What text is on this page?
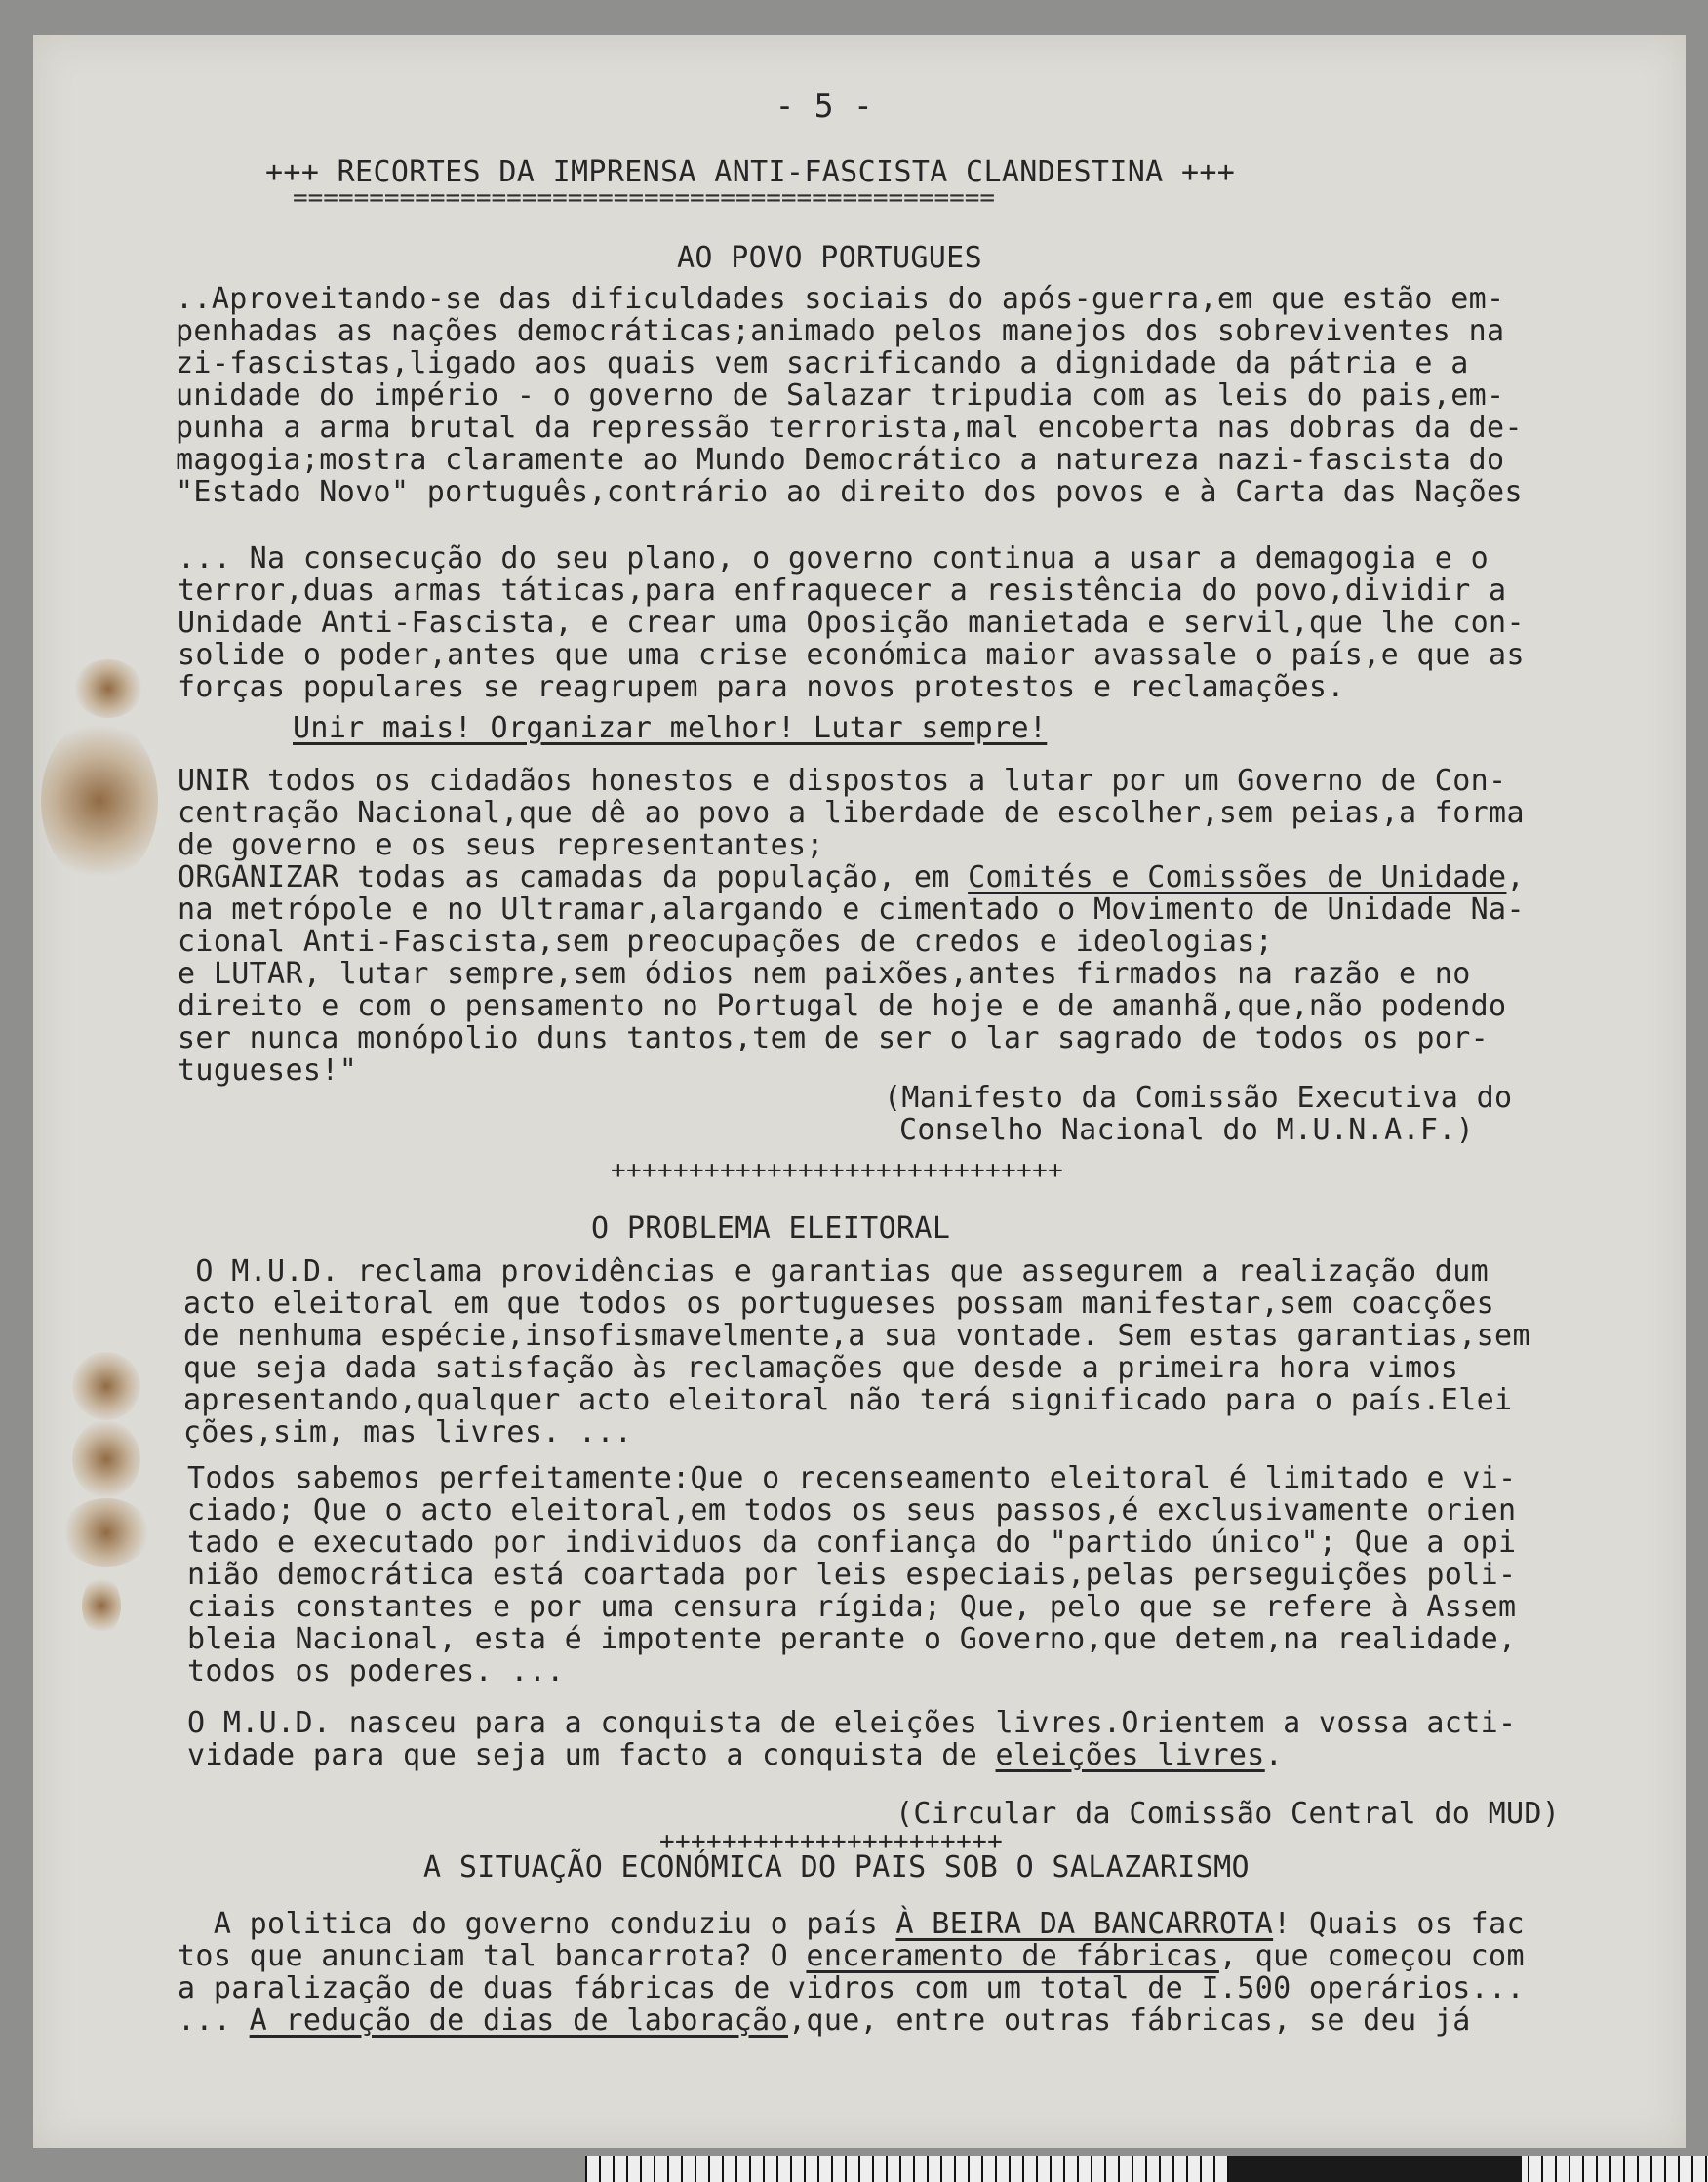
- 5 -
+++ RECORTES DA IMPRENSA ANTI-FASCISTA CLANDESTINA +++
==============================================
AO POVO PORTUGUES
..Aproveitando-se das dificuldades sociais do após-guerra,em que estão em-
penhadas as nações democráticas;animado pelos manejos dos sobreviventes na
zi-fascistas,ligado aos quais vem sacrificando a dignidade da pátria e a
unidade do império - o governo de Salazar tripudia com as leis do pais,em-
punha a arma brutal da repressão terrorista,mal encoberta nas dobras da de-
magogia;mostra claramente ao Mundo Democrático a natureza nazi-fascista do
"Estado Novo" português,contrário ao direito dos povos e à Carta das Nações
... Na consecução do seu plano, o governo continua a usar a demagogia e o
terror,duas armas táticas,para enfraquecer a resistência do povo,dividir a
Unidade Anti-Fascista, e crear uma Oposição manietada e servil,que lhe con-
solide o poder,antes que uma crise económica maior avassale o país,e que as
forças populares se reagrupem para novos protestos e reclamações.
Unir mais! Organizar melhor! Lutar sempre!
UNIR todos os cidadãos honestos e dispostos a lutar por um Governo de Con-
centração Nacional,que dê ao povo a liberdade de escolher,sem peias,a forma
de governo e os seus representantes;
ORGANIZAR todas as camadas da população, em Comités e Comissões de Unidade,
na metrópole e no Ultramar,alargando e cimentado o Movimento de Unidade Na-
cional Anti-Fascista,sem preocupações de credos e ideologias;
e LUTAR, lutar sempre,sem ódios nem paixões,antes firmados na razão e no
direito e com o pensamento no Portugal de hoje e de amanhã,que,não podendo
ser nunca monópolio duns tantos,tem de ser o lar sagrado de todos os por-
tugueses!"
(Manifesto da Comissão Executiva do
Conselho Nacional do M.U.N.A.F.)
+++++++++++++++++++++++++++++
O PROBLEMA ELEITORAL
O M.U.D. reclama providências e garantias que assegurem a realização dum
acto eleitoral em que todos os portugueses possam manifestar,sem coacções
de nenhuma espécie,insofismavelmente,a sua vontade. Sem estas garantias,sem
que seja dada satisfação às reclamações que desde a primeira hora vimos
apresentando,qualquer acto eleitoral não terá significado para o país.Elei
ções,sim, mas livres. ...
Todos sabemos perfeitamente:Que o recenseamento eleitoral é limitado e vi-
ciado; Que o acto eleitoral,em todos os seus passos,é exclusivamente orien
tado e executado por individuos da confiança do "partido único"; Que a opi
nião democrática está coartada por leis especiais,pelas perseguições poli-
ciais constantes e por uma censura rígida; Que, pelo que se refere à Assem
bleia Nacional, esta é impotente perante o Governo,que detem,na realidade,
todos os poderes. ...
O M.U.D. nasceu para a conquista de eleições livres.Orientem a vossa acti-
vidade para que seja um facto a conquista de eleições livres.
(Circular da Comissão Central do MUD)
++++++++++++++++++++++
A SITUAÇÃO ECONÓMICA DO PAIS SOB O SALAZARISMO
A politica do governo conduziu o país À BEIRA DA BANCARROTA! Quais os fac
tos que anunciam tal bancarrota? O enceramento de fábricas, que começou com
a paralização de duas fábricas de vidros com um total de I.500 operários...
... A redução de dias de laboração,que, entre outras fábricas, se deu já
